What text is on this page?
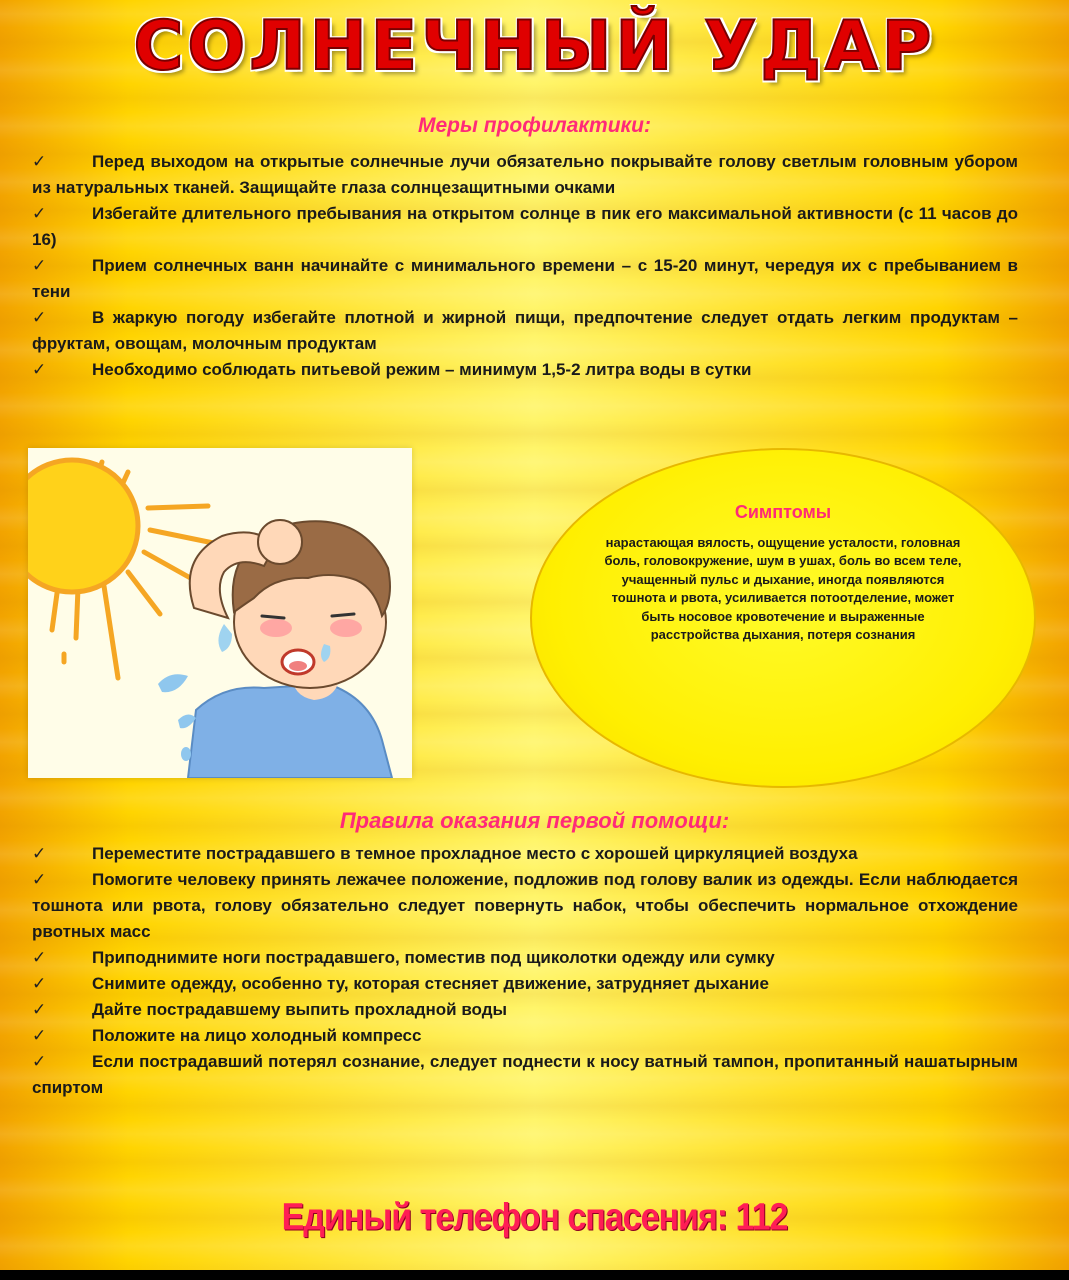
СОЛНЕЧНЫЙ УДАР
Меры профилактики:
✓	Перед выходом на открытые солнечные лучи обязательно покрывайте голову светлым головным убором из натуральных тканей. Защищайте глаза солнцезащитными очками
✓	Избегайте длительного пребывания на открытом солнце в пик его максимальной активности (с 11 часов до 16)
✓	Прием солнечных ванн начинайте с минимального времени – с 15-20 минут, чередуя их с пребыванием в тени
✓	В жаркую погоду избегайте плотной и жирной пищи, предпочтение следует отдать легким продуктам – фруктам, овощам, молочным продуктам
✓	Необходимо соблюдать питьевой режим – минимум 1,5-2 литра воды в сутки
Симптомы
нарастающая вялость, ощущение усталости, головная боль, головокружение, шум в ушах, боль во всем теле, учащенный пульс и дыхание, иногда появляются тошнота и рвота, усиливается потоотделение, может быть носовое кровотечение и выраженные расстройства дыхания, потеря сознания
Правила оказания первой помощи:
✓	Переместите пострадавшего в темное прохладное место с хорошей циркуляцией воздуха
✓	Помогите человеку принять лежачее положение, подложив под голову валик из одежды. Если наблюдается тошнота или рвота, голову обязательно следует повернуть набок, чтобы обеспечить нормальное отхождение рвотных масс
✓	Приподнимите ноги пострадавшего, поместив под щиколотки одежду или сумку
✓	Снимите одежду, особенно ту, которая стесняет движение, затрудняет дыхание
✓	Дайте пострадавшему выпить прохладной воды
✓	Положите на лицо холодный компресс
✓	Если пострадавший потерял сознание, следует поднести к носу ватный тампон, пропитанный нашатырным спиртом
Единый телефон спасения: 112
